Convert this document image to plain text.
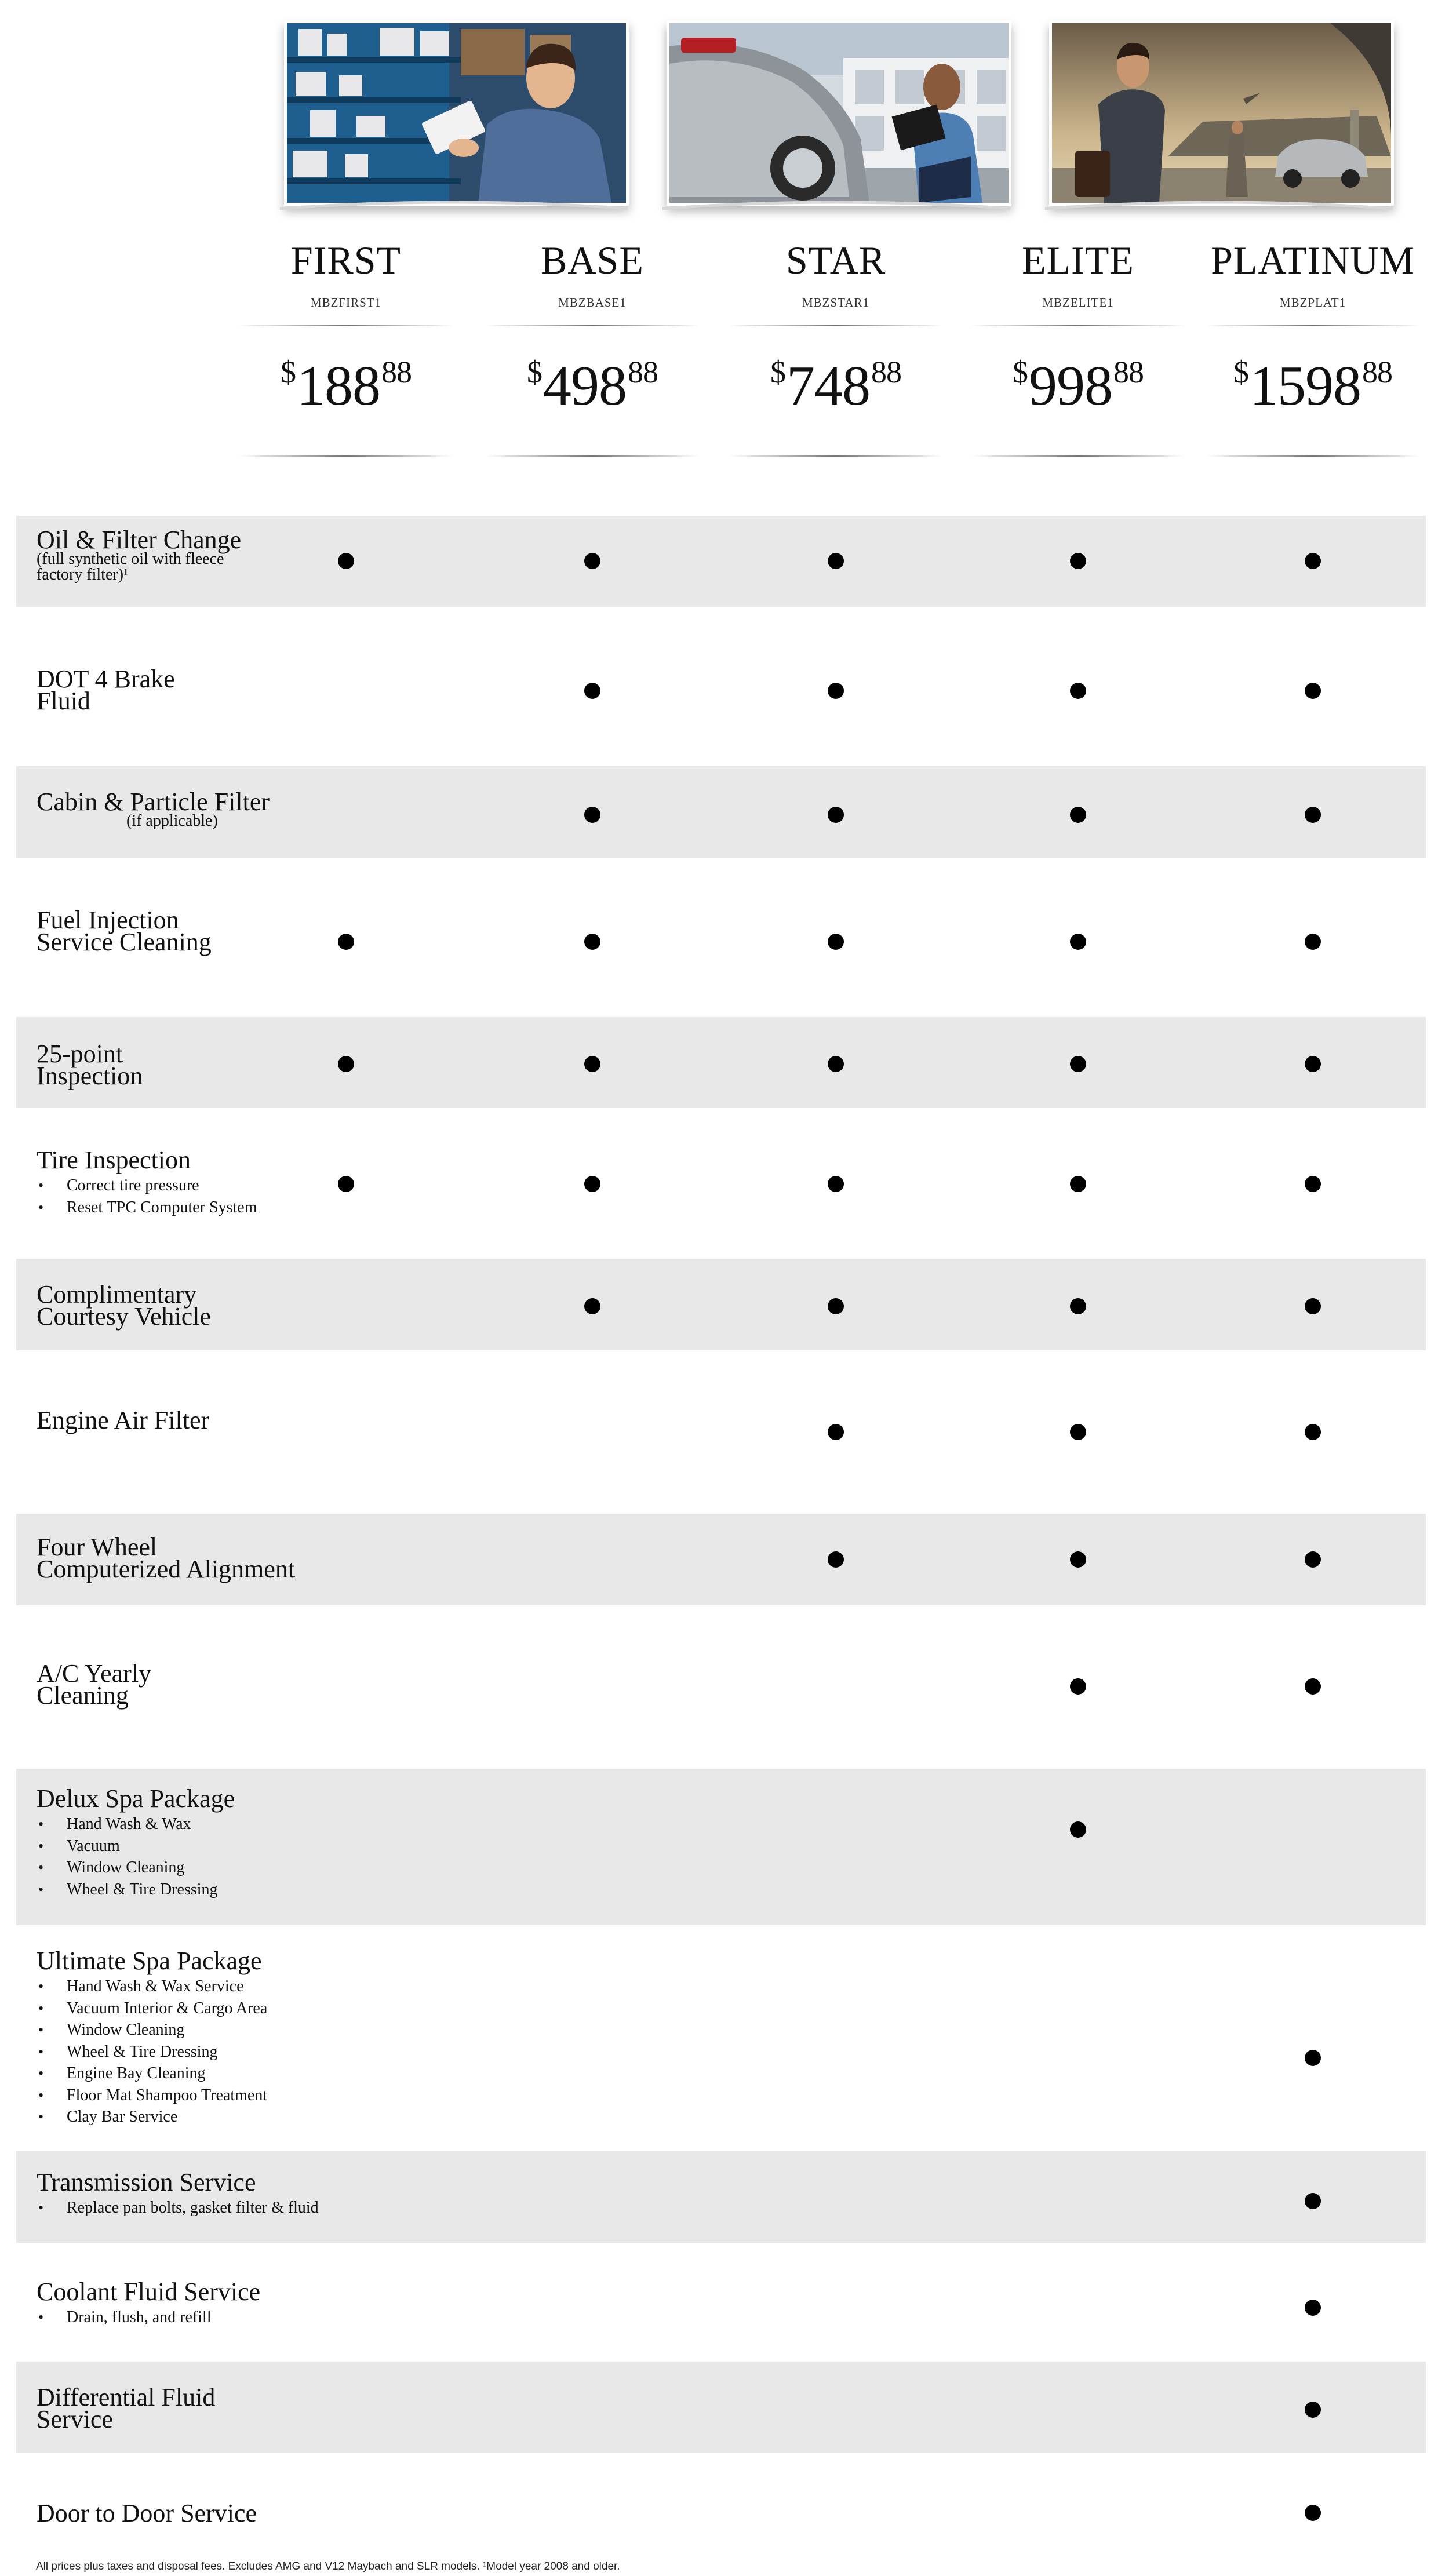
FIRST
MBZFIRST1
$^{\$}188^{88}$
BASE
MBZBASE1
$^{\$}498^{88}$
STAR
MBZSTAR1
$^{\$}748^{88}$
ELITE
MBZELITE1
$^{\$}998^{88}$
PLATINUM
MBZPLAT1
$1598$^{88}$
Oil & Filter Change
(full synthetic oil with fleece
factory filter)¹
DOT 4 Brake
Fluid
Cabin & Particle Filter
(if applicable)
Fuel Injection
Service Cleaning
25-point
Inspection
Tire Inspection
• Correct tire pressure
• Reset TPC Computer System
Complimentary
Courtesy Vehicle
Engine Air Filter
Four Wheel
Computerized Alignment
A/C Yearly
Cleaning
Delux Spa Package
• Hand Wash & Wax
• Vacuum
• Window Cleaning
• Wheel & Tire Dressing
Ultimate Spa Package
• Hand Wash & Wax Service
• Vacuum Interior & Cargo Area
• Window Cleaning
• Wheel & Tire Dressing
• Engine Bay Cleaning
• Floor Mat Shampoo Treatment
• Clay Bar Service
Transmission Service
• Replace pan bolts, gasket filter & fluid
Coolant Fluid Service
• Drain, flush, and refill
Differential Fluid
Service
Door to Door Service
All prices plus taxes and disposal fees. Excludes AMG and V12 Maybach and SLR models. ¹Model year 2008 and older.
